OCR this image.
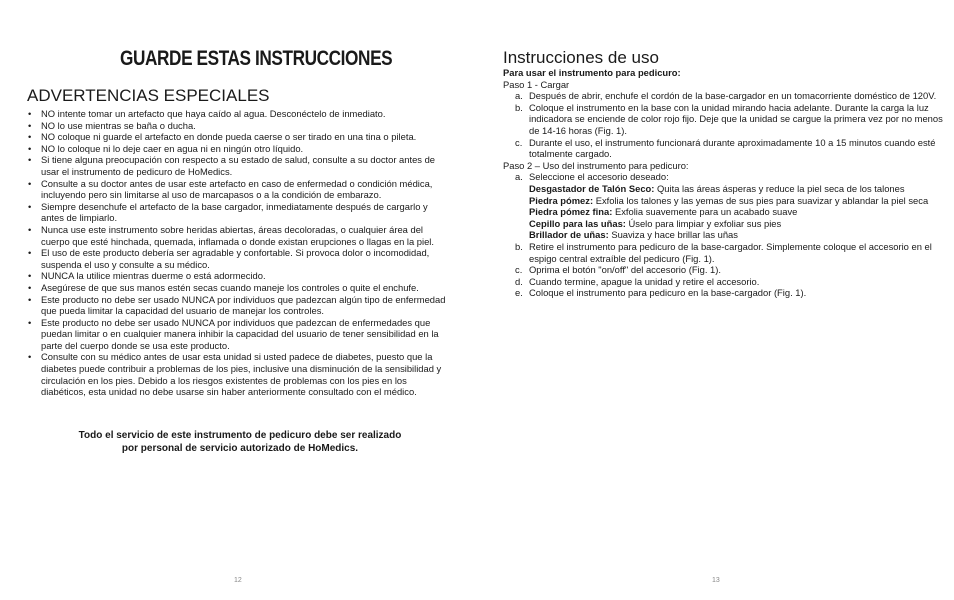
GUARDE ESTAS INSTRUCCIONES
ADVERTENCIAS ESPECIALES
• NO intente tomar un artefacto que haya caído al agua. Desconéctelo de inmediato.
• NO lo use mientras se baña o ducha.
• NO coloque ni guarde el artefacto en donde pueda caerse o ser tirado en una tina o pileta.
• NO lo coloque ni lo deje caer en agua ni en ningún otro líquido.
• Si tiene alguna preocupación con respecto a su estado de salud, consulte a su doctor antes de usar el instrumento de pedicuro de HoMedics.
• Consulte a su doctor antes de usar este artefacto en caso de enfermedad o condición médica, incluyendo pero sin limitarse al uso de marcapasos o a la condición de embarazo.
• Siempre desenchufe el artefacto de la base cargador, inmediatamente después de cargarlo y antes de limpiarlo.
• Nunca use este instrumento sobre heridas abiertas, áreas decoloradas, o cualquier área del cuerpo que esté hinchada, quemada, inflamada o donde existan erupciones o llagas en la piel.
• El uso de este producto debería ser agradable y confortable. Si provoca dolor o incomodidad, suspenda el uso y consulte a su médico.
• NUNCA la utilice mientras duerme o está adormecido.
• Asegúrese de que sus manos estén secas cuando maneje los controles o quite el enchufe.
• Este producto no debe ser usado NUNCA por individuos que padezcan algún tipo de enfermedad que pueda limitar la capacidad del usuario de manejar los controles.
• Este producto no debe ser usado NUNCA por individuos que padezcan de enfermedades que puedan limitar o en cualquier manera inhibir la capacidad del usuario de tener sensibilidad en la parte del cuerpo donde se usa este producto.
• Consulte con su médico antes de usar esta unidad si usted padece de diabetes, puesto que la diabetes puede contribuir a problemas de los pies, inclusive una disminución de la sensibilidad y circulación en los pies. Debido a los riesgos existentes de problemas con los pies en los diabéticos, esta unidad no debe usarse sin haber anteriormente consultado con el médico.
Todo el servicio de este instrumento de pedicuro debe ser realizado
por personal de servicio autorizado de HoMedics.
12
Instrucciones de uso
Para usar el instrumento para pedicuro:
Paso 1 - Cargar
a. Después de abrir, enchufe el cordón de la base-cargador en un tomacorriente doméstico de 120V.
b. Coloque el instrumento en la base con la unidad mirando hacia adelante. Durante la carga la luz indicadora se enciende de color rojo fijo. Deje que la unidad se cargue la primera vez por no menos de 14-16 horas (Fig. 1).
c. Durante el uso, el instrumento funcionará durante aproximadamente 10 a 15 minutos cuando esté totalmente cargado.
Paso 2 – Uso del instrumento para pedicuro:
a. Seleccione el accesorio deseado:
Desgastador de Talón Seco: Quita las áreas ásperas y reduce la piel seca de los talones
Piedra pómez: Exfolia los talones y las yemas de sus pies para suavizar y ablandar la piel seca
Piedra pómez fina: Exfolia suavemente para un acabado suave
Cepillo para las uñas: Úselo para limpiar y exfoliar sus pies
Brillador de uñas: Suaviza y hace brillar las uñas
b. Retire el instrumento para pedicuro de la base-cargador. Simplemente coloque el accesorio en el espigo central extraíble del pedicuro (Fig. 1).
c. Oprima el botón "on/off" del accesorio (Fig. 1).
d. Cuando termine, apague la unidad y retire el accesorio.
e. Coloque el instrumento para pedicuro en la base-cargador (Fig. 1).
13
